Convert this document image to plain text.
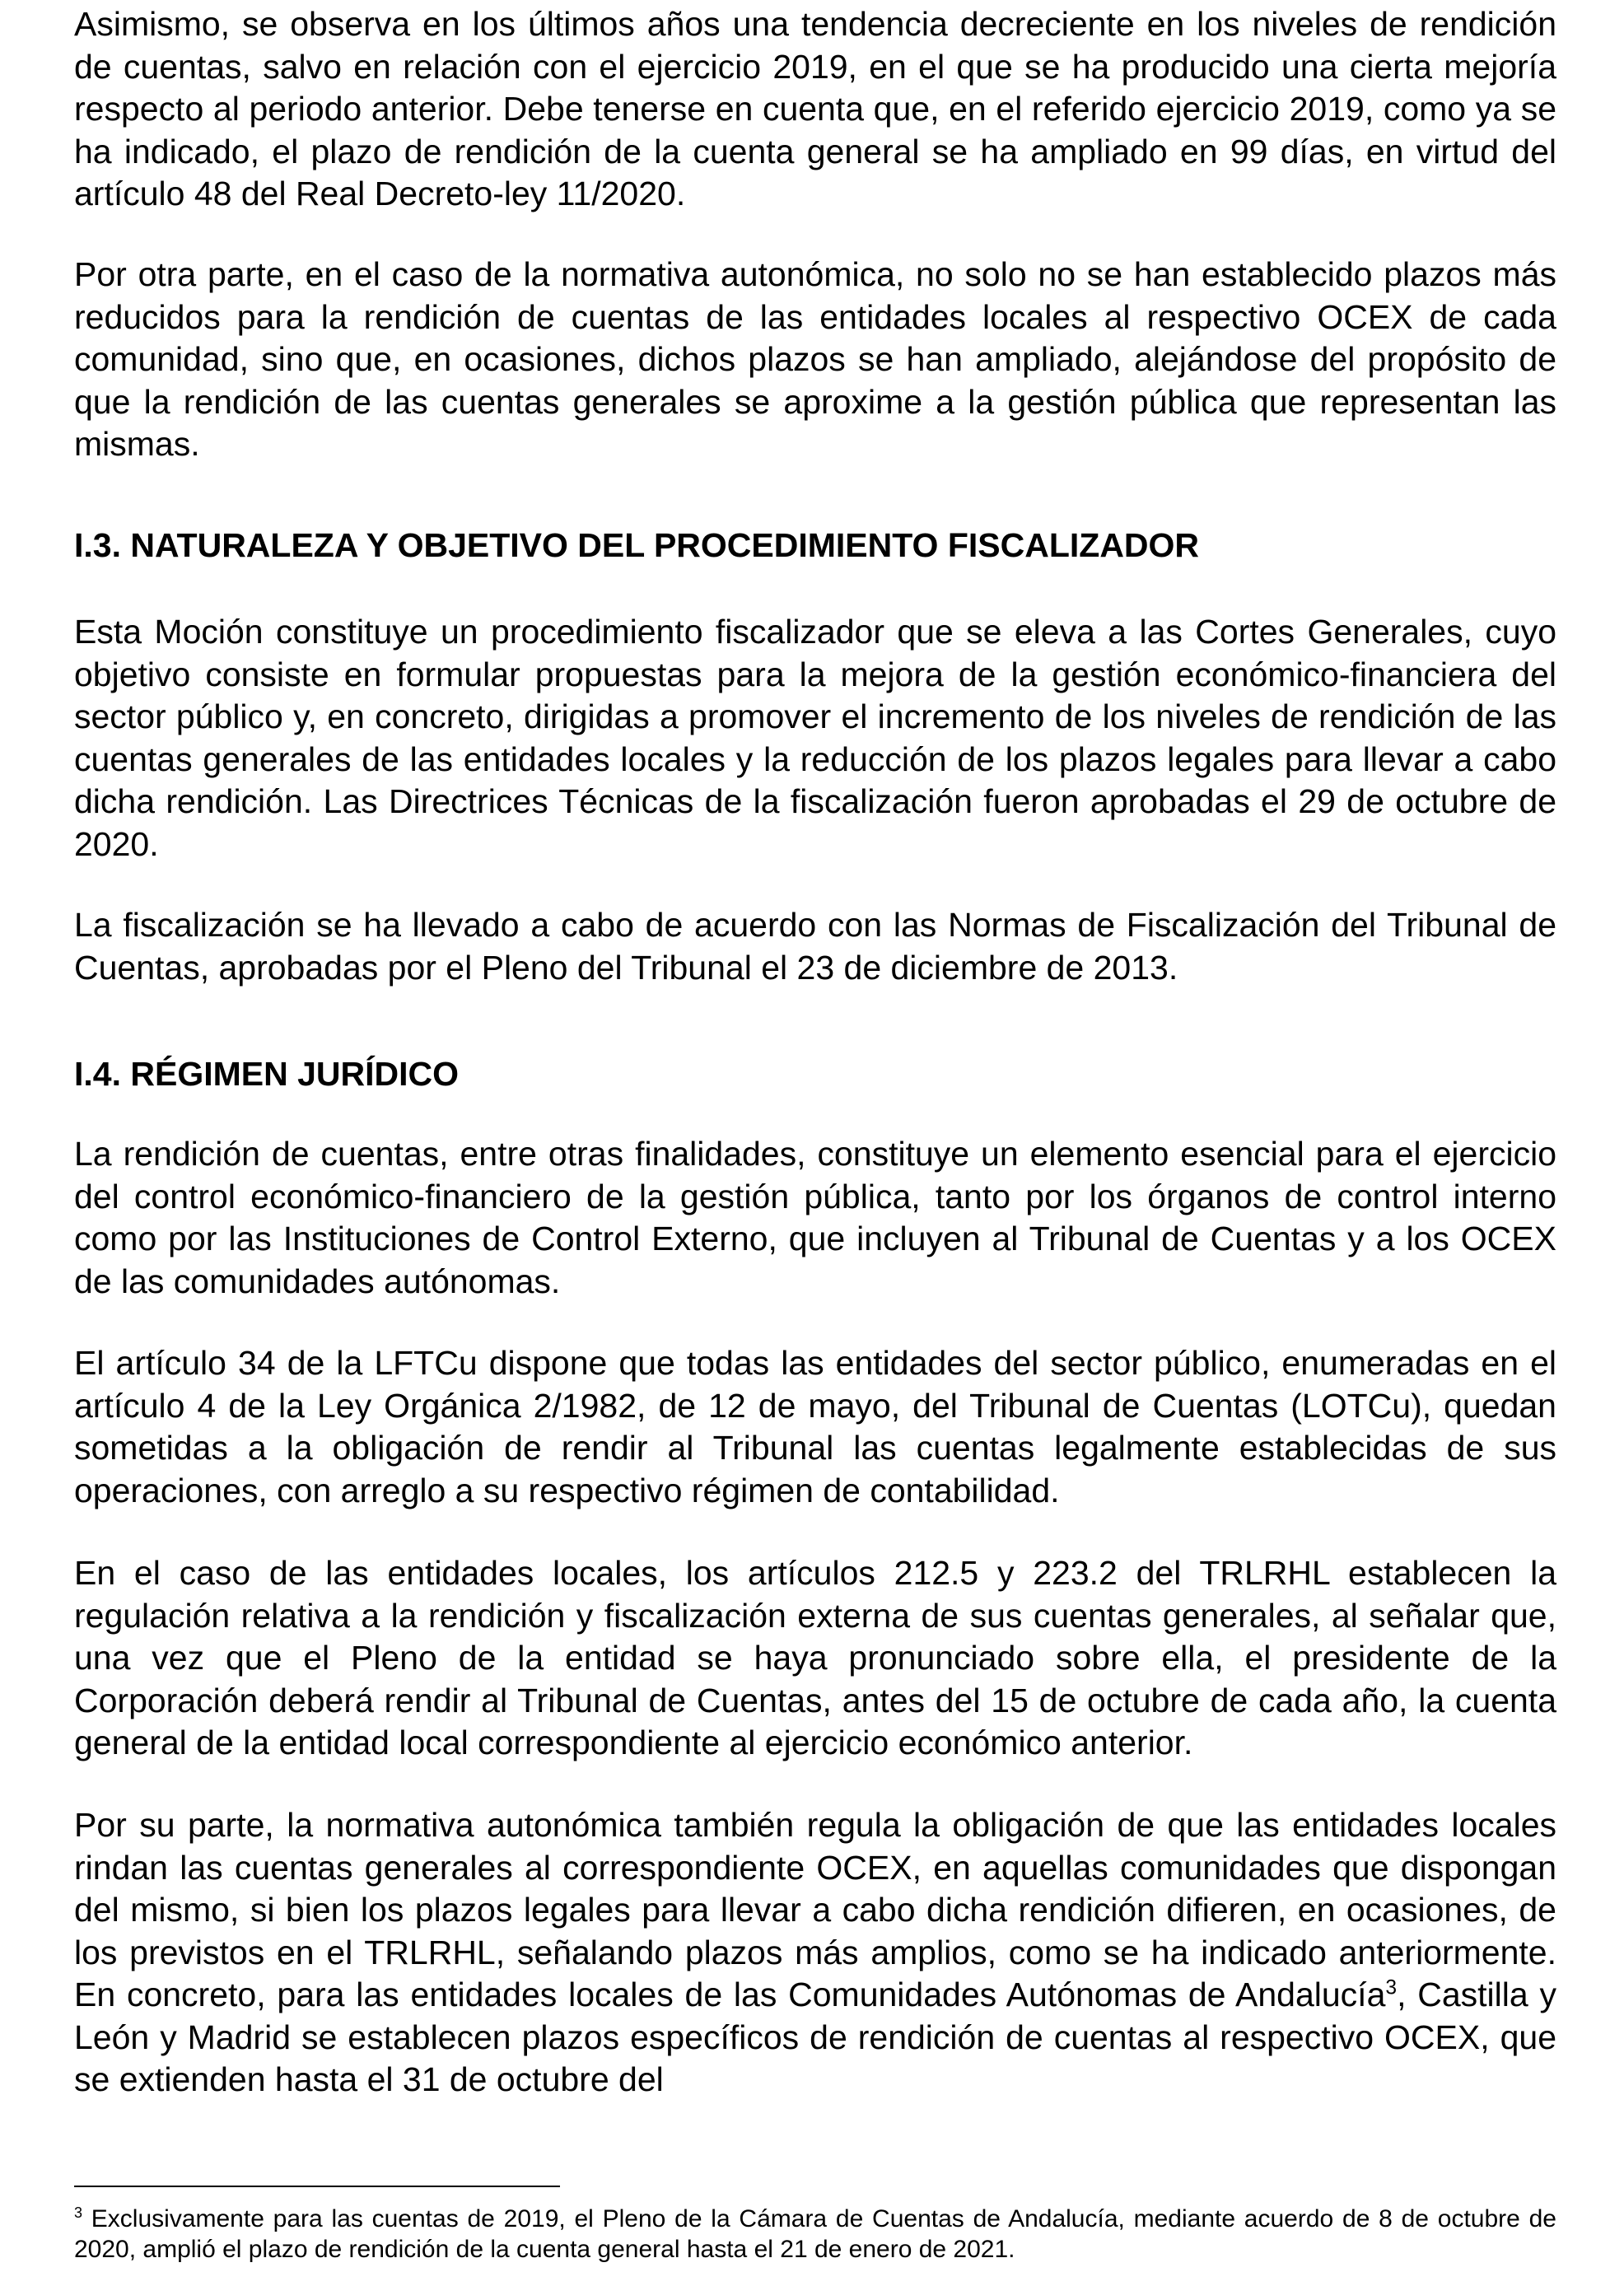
Asimismo, se observa en los últimos años una tendencia decreciente en los niveles de rendición de cuentas, salvo en relación con el ejercicio 2019, en el que se ha producido una cierta mejoría respecto al periodo anterior. Debe tenerse en cuenta que, en el referido ejercicio 2019, como ya se ha indicado, el plazo de rendición de la cuenta general se ha ampliado en 99 días, en virtud del artículo 48 del Real Decreto-ley 11/2020.

Por otra parte, en el caso de la normativa autonómica, no solo no se han establecido plazos más reducidos para la rendición de cuentas de las entidades locales al respectivo OCEX de cada comunidad, sino que, en ocasiones, dichos plazos se han ampliado, alejándose del propósito de que la rendición de las cuentas generales se aproxime a la gestión pública que representan las mismas.

I.3. NATURALEZA Y OBJETIVO DEL PROCEDIMIENTO FISCALIZADOR

Esta Moción constituye un procedimiento fiscalizador que se eleva a las Cortes Generales, cuyo objetivo consiste en formular propuestas para la mejora de la gestión económico-financiera del sector público y, en concreto, dirigidas a promover el incremento de los niveles de rendición de las cuentas generales de las entidades locales y la reducción de los plazos legales para llevar a cabo dicha rendición. Las Directrices Técnicas de la fiscalización fueron aprobadas el 29 de octubre de 2020.

La fiscalización se ha llevado a cabo de acuerdo con las Normas de Fiscalización del Tribunal de Cuentas, aprobadas por el Pleno del Tribunal el 23 de diciembre de 2013.

I.4. RÉGIMEN JURÍDICO

La rendición de cuentas, entre otras finalidades, constituye un elemento esencial para el ejercicio del control económico-financiero de la gestión pública, tanto por los órganos de control interno como por las Instituciones de Control Externo, que incluyen al Tribunal de Cuentas y a los OCEX de las comunidades autónomas.

El artículo 34 de la LFTCu dispone que todas las entidades del sector público, enumeradas en el artículo 4 de la Ley Orgánica 2/1982, de 12 de mayo, del Tribunal de Cuentas (LOTCu), quedan sometidas a la obligación de rendir al Tribunal las cuentas legalmente establecidas de sus operaciones, con arreglo a su respectivo régimen de contabilidad.

En el caso de las entidades locales, los artículos 212.5 y 223.2 del TRLRHL establecen la regulación relativa a la rendición y fiscalización externa de sus cuentas generales, al señalar que, una vez que el Pleno de la entidad se haya pronunciado sobre ella, el presidente de la Corporación deberá rendir al Tribunal de Cuentas, antes del 15 de octubre de cada año, la cuenta general de la entidad local correspondiente al ejercicio económico anterior.

Por su parte, la normativa autonómica también regula la obligación de que las entidades locales rindan las cuentas generales al correspondiente OCEX, en aquellas comunidades que dispongan del mismo, si bien los plazos legales para llevar a cabo dicha rendición difieren, en ocasiones, de los previstos en el TRLRHL, señalando plazos más amplios, como se ha indicado anteriormente. En concreto, para las entidades locales de las Comunidades Autónomas de Andalucía$^3$, Castilla y León y Madrid se establecen plazos específicos de rendición de cuentas al respectivo OCEX, que se extienden hasta el 31 de octubre del

$^3$ Exclusivamente para las cuentas de 2019, el Pleno de la Cámara de Cuentas de Andalucía, mediante acuerdo de 8 de octubre de 2020, amplió el plazo de rendición de la cuenta general hasta el 21 de enero de 2021.
